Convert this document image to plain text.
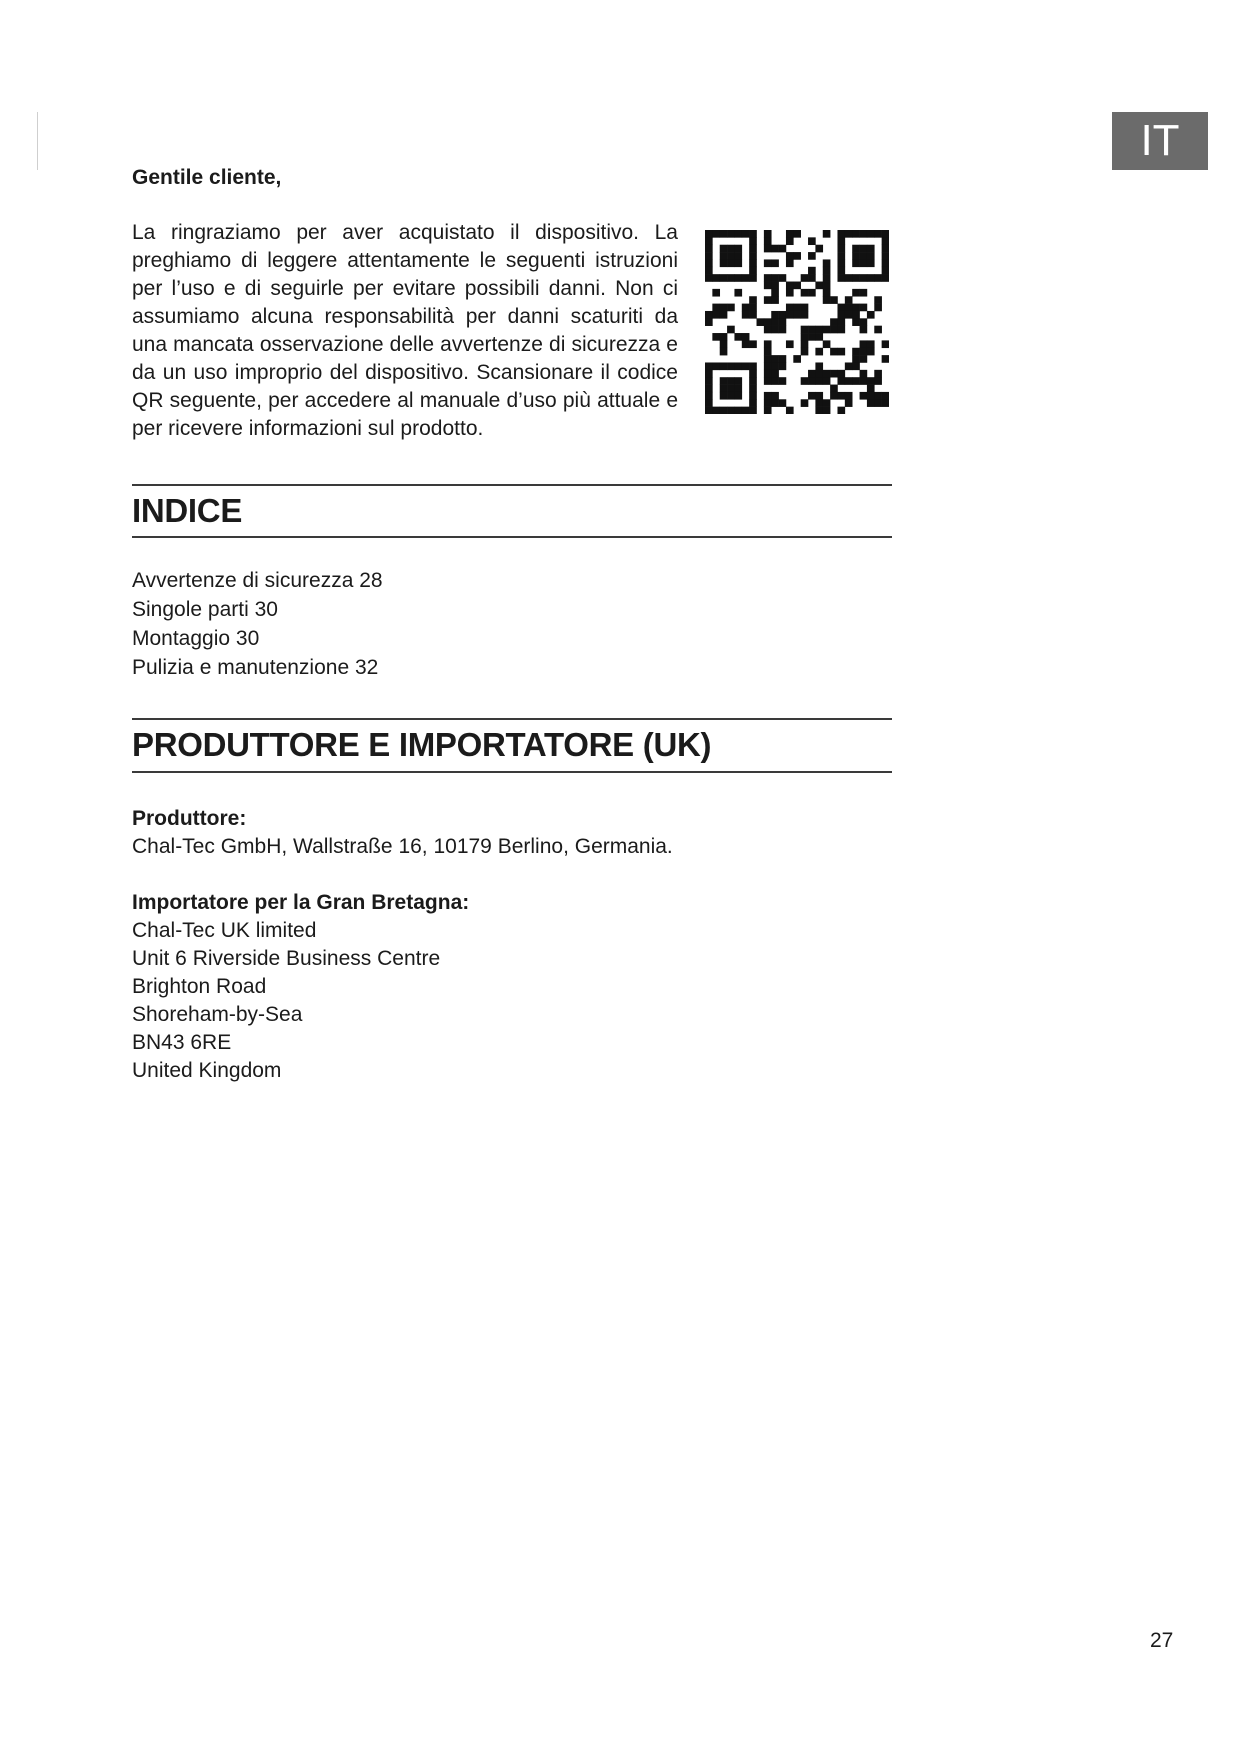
IT
Gentile cliente,

La ringraziamo per aver acquistato il dispositivo. La preghiamo di leggere attentamente le seguenti istruzioni per l’uso e di seguirle per evitare possibili danni. Non ci assumiamo alcuna responsabilità per danni scaturiti da una mancata osservazione delle avvertenze di sicurezza e da un uso improprio del dispositivo. Scansionare il codice QR seguente, per accedere al manuale d’uso più attuale e per ricevere informazioni sul prodotto.

INDICE
Avvertenze di sicurezza 28
Singole parti 30
Montaggio 30
Pulizia e manutenzione 32
PRODUTTORE E IMPORTATORE (UK)
Produttore:
Chal-Tec GmbH, Wallstraße 16, 10179 Berlino, Germania.
Importatore per la Gran Bretagna:
Chal-Tec UK limited
Unit 6 Riverside Business Centre
Brighton Road
Shoreham-by-Sea
BN43 6RE
United Kingdom
27
